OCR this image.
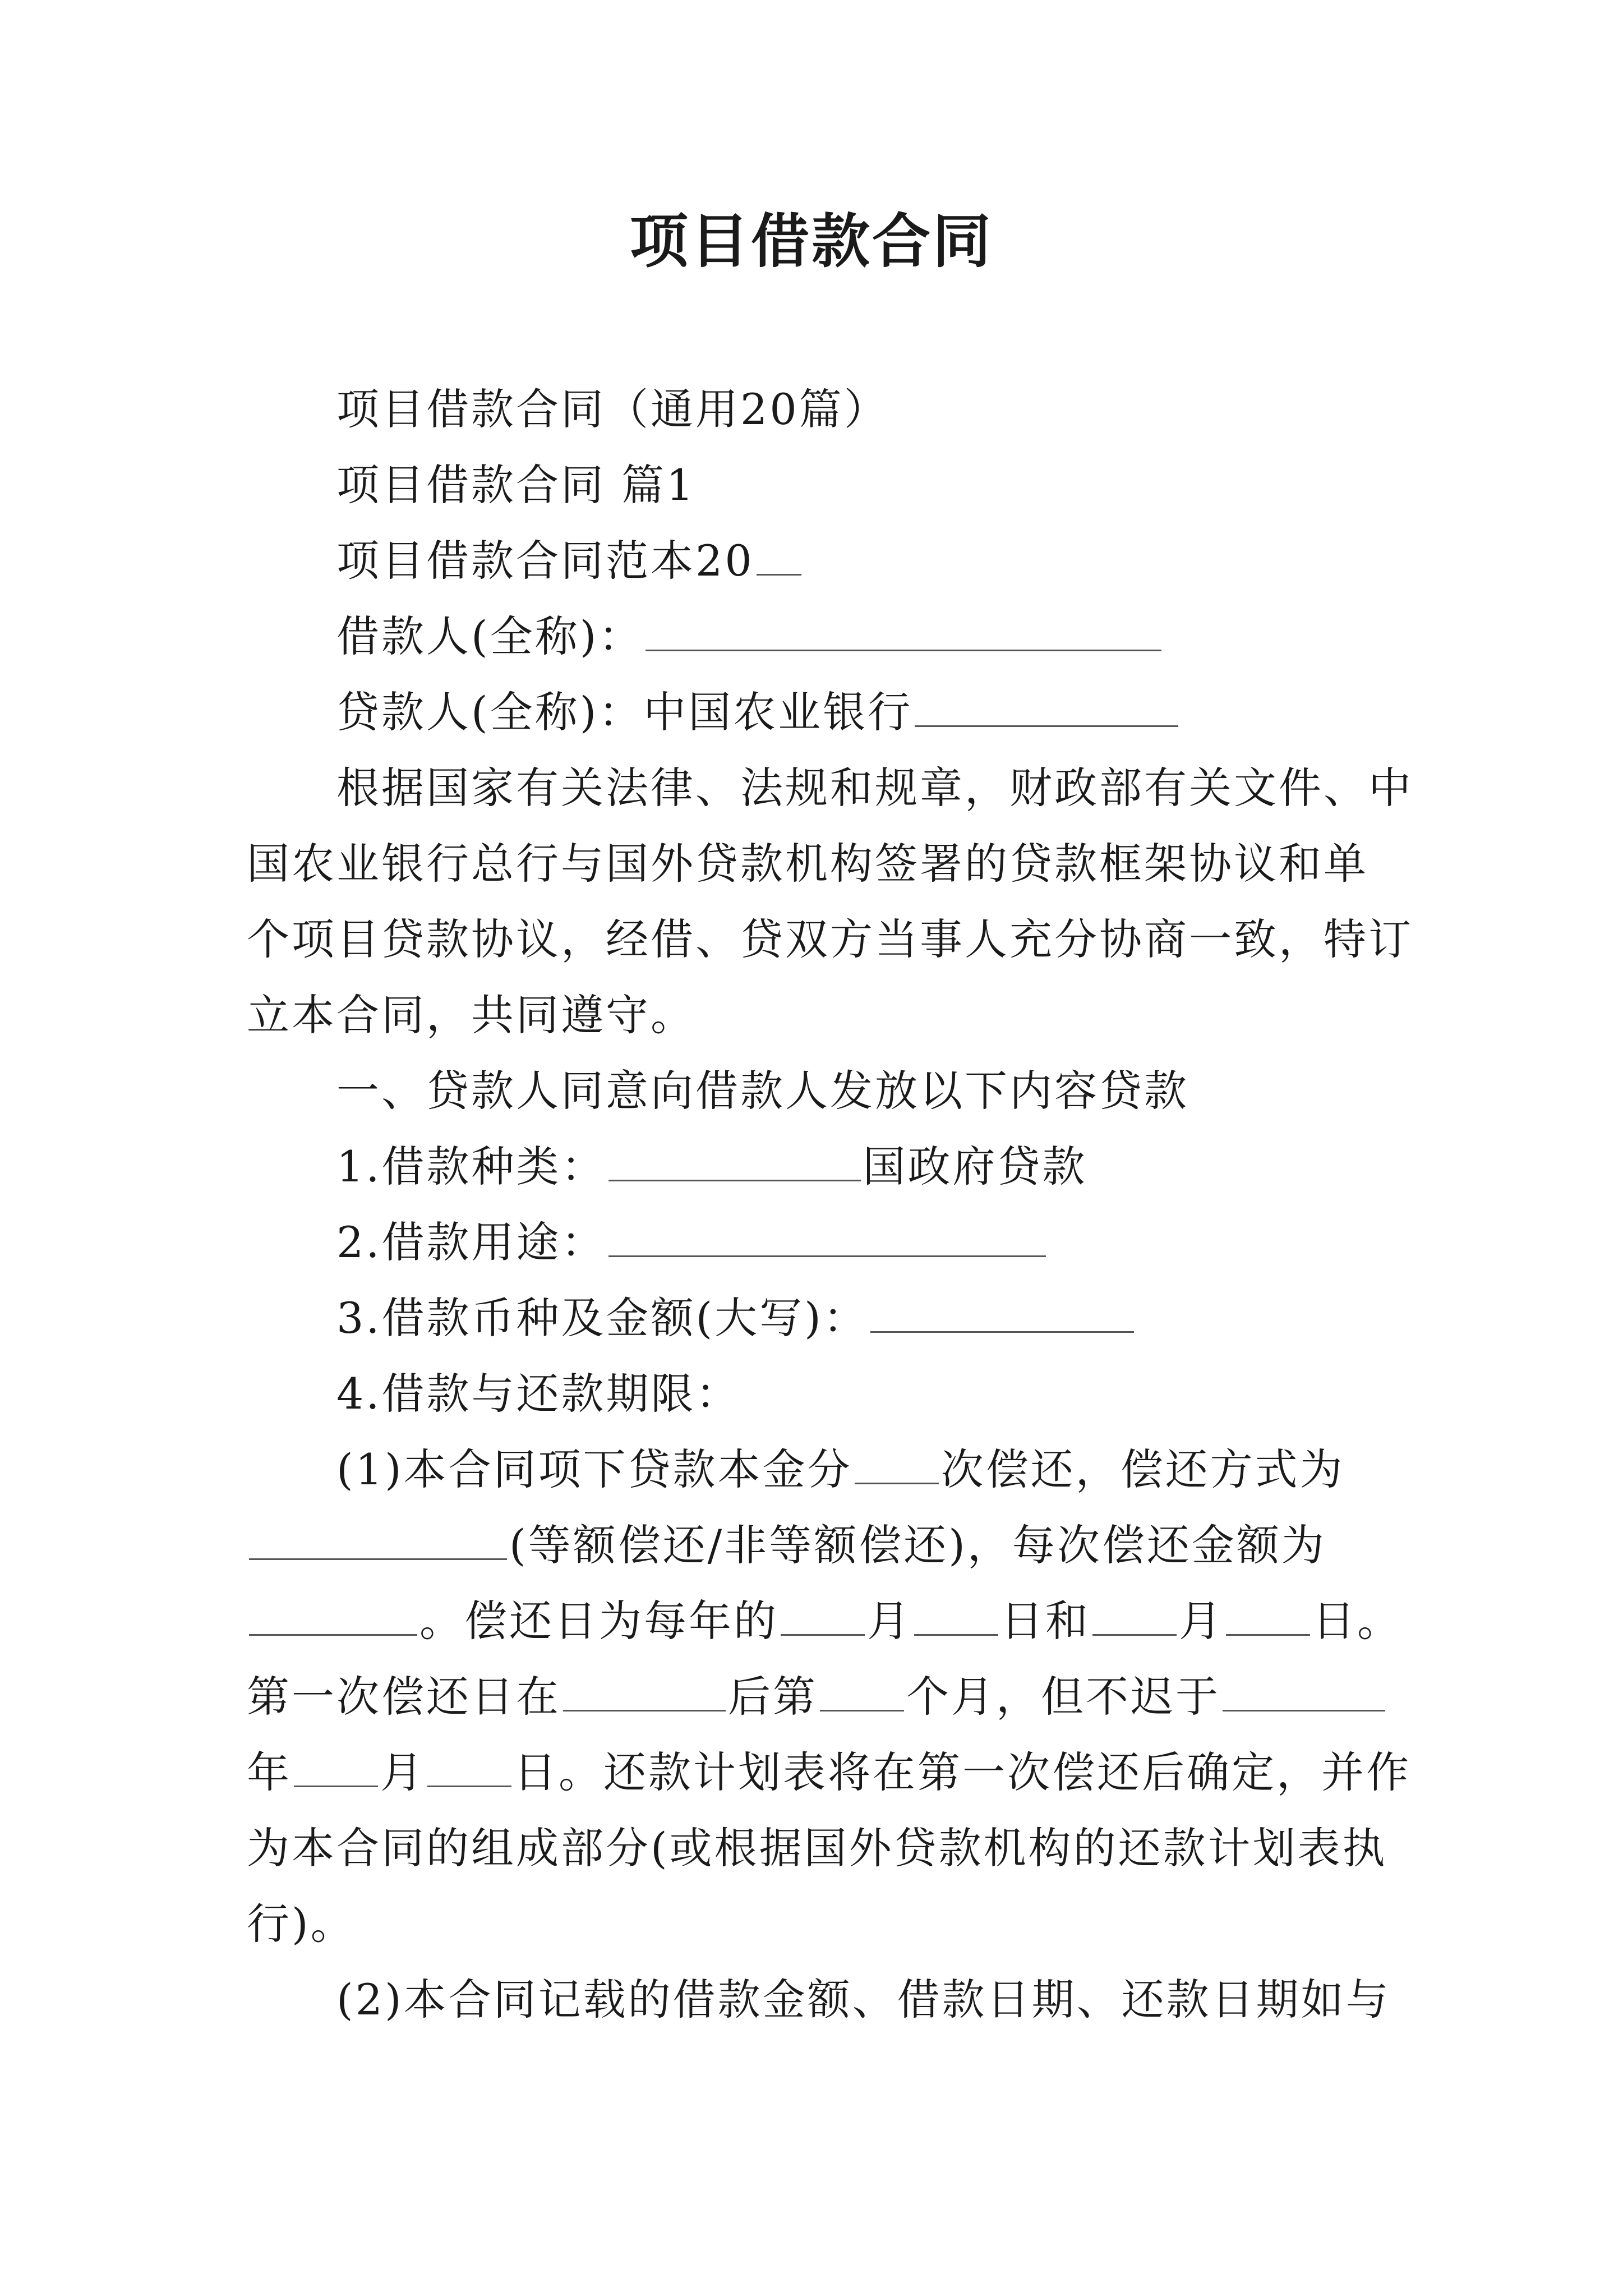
项目借款合同
项目借款合同（通用20篇）
项目借款合同 篇1
项目借款合同范本20
借款人(全称)：
贷款人(全称)：中国农业银行
根据国家有关法律、法规和规章，财政部有关文件、中
国农业银行总行与国外贷款机构签署的贷款框架协议和单
个项目贷款协议，经借、贷双方当事人充分协商一致，特订
立本合同，共同遵守。
一、贷款人同意向借款人发放以下内容贷款
1.借款种类：	国政府贷款
2.借款用途：
3.借款币种及金额(大写)：
4.借款与还款期限：
(1)本合同项下贷款本金分 次偿还，偿还方式为
(等额偿还/非等额偿还)，每次偿还金额为
。偿还日为每年的 月 日和 月 日。
第一次偿还日在	后第 个月，但不迟于
年 月 日。还款计划表将在第一次偿还后确定，并作
为本合同的组成部分(或根据国外贷款机构的还款计划表执
行)。
(2)本合同记载的借款金额、借款日期、还款日期如与
